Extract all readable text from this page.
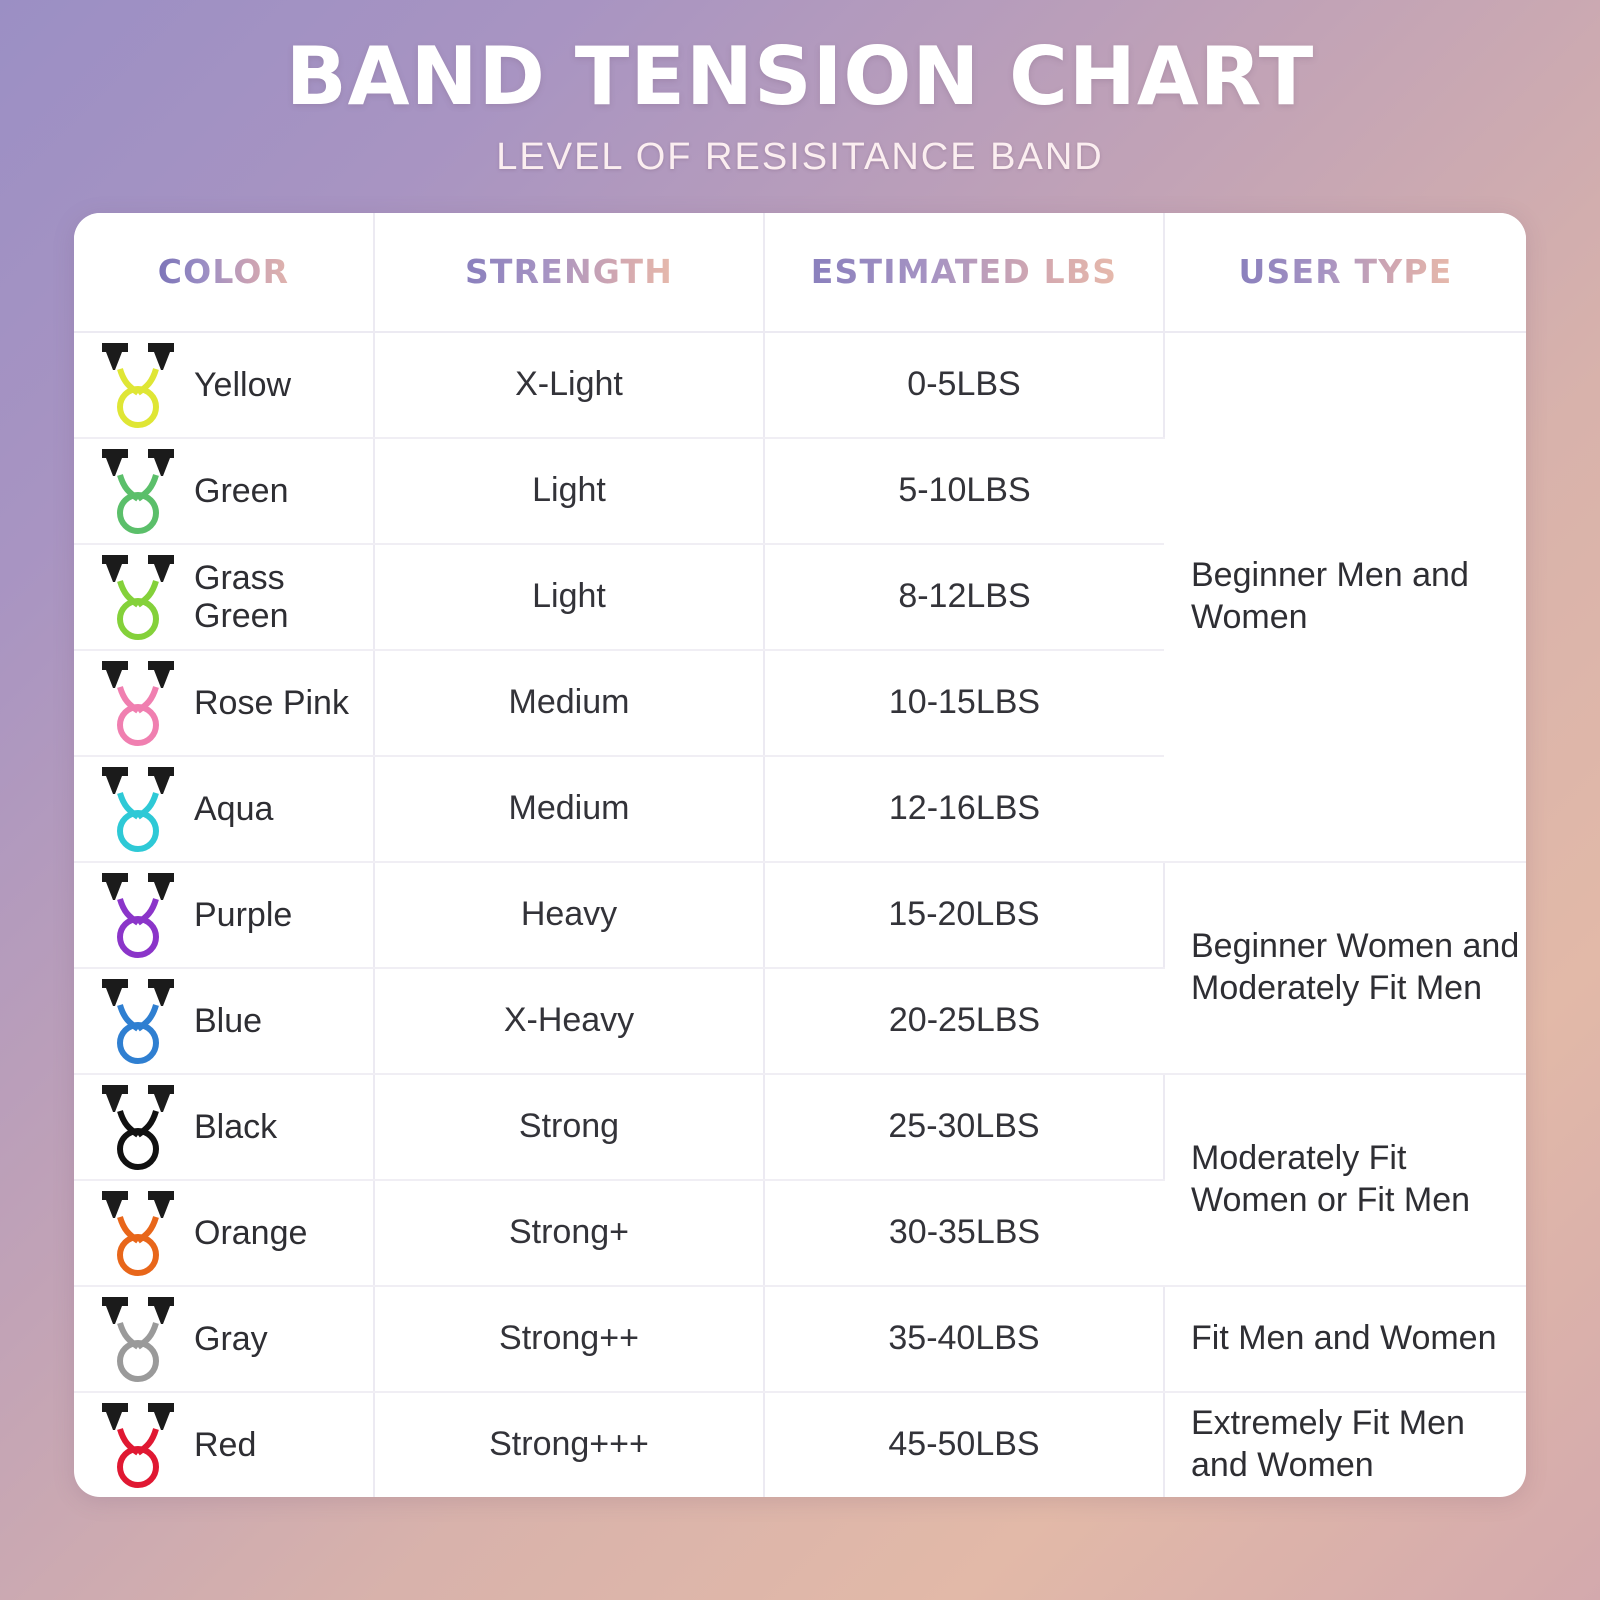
BAND TENSION CHART
LEVEL OF RESISITANCE BAND
COLOR	STRENGTH	ESTIMATED LBS	USER TYPE

Yellow	X-Light	0-5LBS	Beginner Men and Women

Green	Light	5-10LBS	

Grass Green	Light	8-12LBS	

Rose Pink	Medium	10-15LBS	

Aqua	Medium	12-16LBS	

Purple	Heavy	15-20LBS	Beginner Women and Moderately Fit Men

Blue	X-Heavy	20-25LBS	

Black	Strong	25-30LBS	Moderately Fit Women or Fit Men

Orange	Strong+	30-35LBS	

Gray	Strong++	35-40LBS	Fit Men and Women

Red	Strong+++	45-50LBS	Extremely Fit Men and Women
